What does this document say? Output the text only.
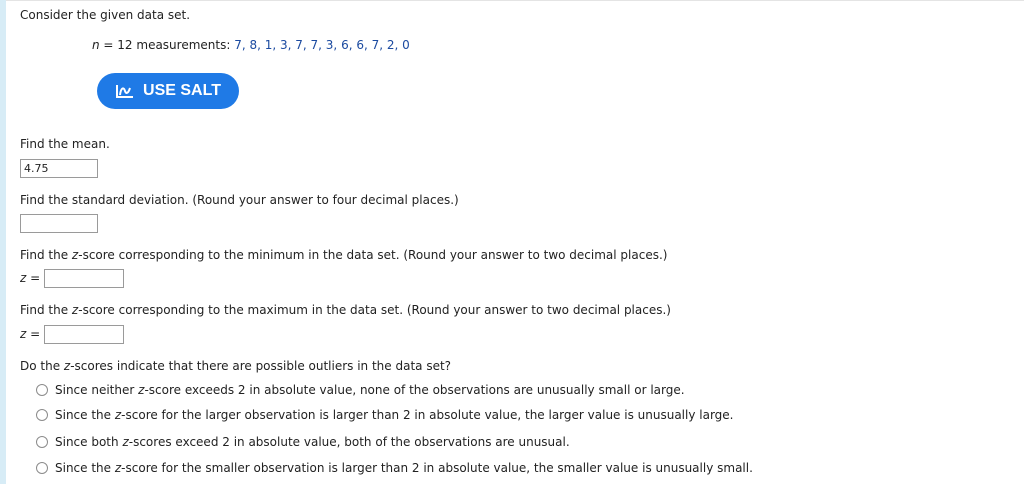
Consider the given data set.
n = 12 measurements: 7, 8, 1, 3, 7, 7, 3, 6, 6, 7, 2, 0
USE SALT
Find the mean.
4.75
Find the standard deviation. (Round your answer to four decimal places.)
Find the z-score corresponding to the minimum in the data set. (Round your answer to two decimal places.)
z =
Find the z-score corresponding to the maximum in the data set. (Round your answer to two decimal places.)
z =
Do the z-scores indicate that there are possible outliers in the data set?
Since neither z-score exceeds 2 in absolute value, none of the observations are unusually small or large.
Since the z-score for the larger observation is larger than 2 in absolute value, the larger value is unusually large.
Since both z-scores exceed 2 in absolute value, both of the observations are unusual.
Since the z-score for the smaller observation is larger than 2 in absolute value, the smaller value is unusually small.
